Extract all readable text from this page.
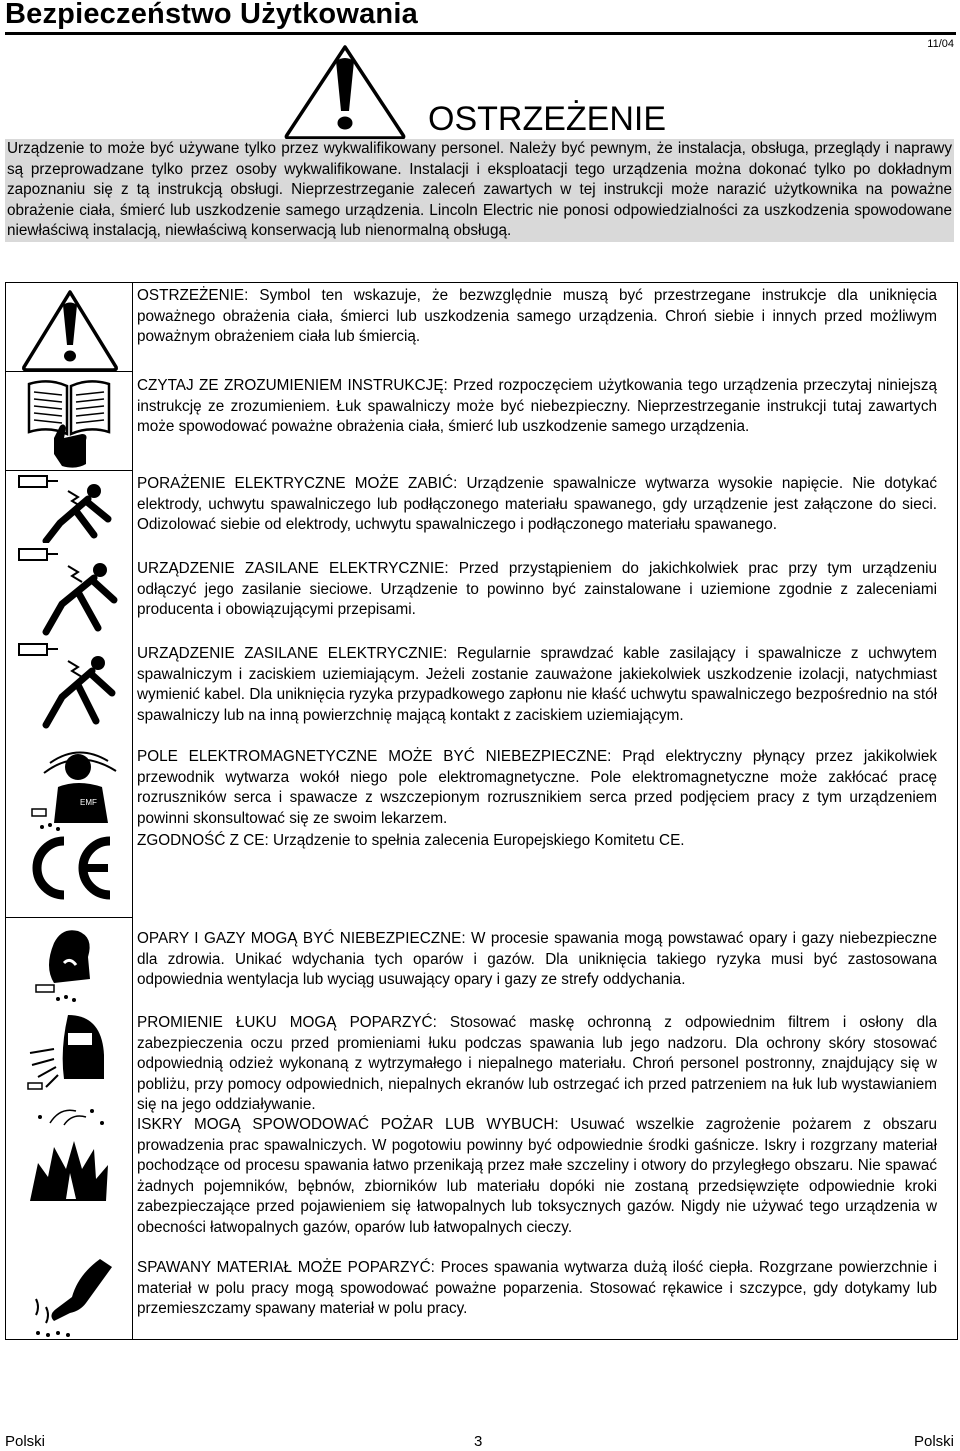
Bezpieczeństwo Użytkowania
11/04
OSTRZEŻENIE
Urządzenie to może być używane tylko przez wykwalifikowany personel. Należy być pewnym, że instalacja, obsługa, przeglądy i naprawy są przeprowadzane tylko przez osoby wykwalifikowane. Instalacji i eksploatacji tego urządzenia można dokonać tylko po dokładnym zapoznaniu się z tą instrukcją obsługi. Nieprzestrzeganie zaleceń zawartych w tej instrukcji może narazić użytkownika na poważne obrażenie ciała, śmierć lub uszkodzenie samego urządzenia. Lincoln Electric nie ponosi odpowiedzialności za uszkodzenia spowodowane niewłaściwą instalacją, niewłaściwą konserwacją lub nienormalną obsługą.
EMF
OSTRZEŻENIE: Symbol ten wskazuje, że bezwzględnie muszą być przestrzegane instrukcje dla uniknięcia poważnego obrażenia ciała, śmierci lub uszkodzenia samego urządzenia. Chroń siebie i innych przed możliwym poważnym obrażeniem ciała lub śmiercią.
CZYTAJ ZE ZROZUMIENIEM INSTRUKCJĘ: Przed rozpoczęciem użytkowania tego urządzenia przeczytaj niniejszą instrukcję ze zrozumieniem. Łuk spawalniczy może być niebezpieczny. Nieprzestrzeganie instrukcji tutaj zawartych może spowodować poważne obrażenia ciała, śmierć lub uszkodzenie samego urządzenia.
PORAŻENIE ELEKTRYCZNE MOŻE ZABIĆ: Urządzenie spawalnicze wytwarza wysokie napięcie. Nie dotykać elektrody, uchwytu spawalniczego lub podłączonego materiału spawanego, gdy urządzenie jest załączone do sieci. Odizolować siebie od elektrody, uchwytu spawalniczego i podłączonego materiału spawanego.
URZĄDZENIE ZASILANE ELEKTRYCZNIE: Przed przystąpieniem do jakichkolwiek prac przy tym urządzeniu odłączyć jego zasilanie sieciowe. Urządzenie to powinno być zainstalowane i uziemione zgodnie z zaleceniami producenta i obowiązującymi przepisami.
URZĄDZENIE ZASILANE ELEKTRYCZNIE: Regularnie sprawdzać kable zasilający i spawalnicze z uchwytem spawalniczym i zaciskiem uziemiającym. Jeżeli zostanie zauważone jakiekolwiek uszkodzenie izolacji, natychmiast wymienić kabel. Dla uniknięcia ryzyka przypadkowego zapłonu nie kłaść uchwytu spawalniczego bezpośrednio na stół spawalniczy lub na inną powierzchnię mającą kontakt z zaciskiem uziemiającym.
POLE ELEKTROMAGNETYCZNE MOŻE BYĆ NIEBEZPIECZNE: Prąd elektryczny płynący przez jakikolwiek przewodnik wytwarza wokół niego pole elektromagnetyczne. Pole elektromagnetyczne może zakłócać pracę rozruszników serca i spawacze z wszczepionym rozrusznikiem serca przed podjęciem pracy z tym urządzeniem powinni skonsultować się ze swoim lekarzem.
ZGODNOŚĆ Z CE: Urządzenie to spełnia zalecenia Europejskiego Komitetu CE.
OPARY I GAZY MOGĄ BYĆ NIEBEZPIECZNE: W procesie spawania mogą powstawać opary i gazy niebezpieczne dla zdrowia. Unikać wdychania tych oparów i gazów. Dla uniknięcia takiego ryzyka musi być zastosowana odpowiednia wentylacja lub wyciąg usuwający opary i gazy ze strefy oddychania.
PROMIENIE ŁUKU MOGĄ POPARZYĆ: Stosować maskę ochronną z odpowiednim filtrem i osłony dla zabezpieczenia oczu przed promieniami łuku podczas spawania lub jego nadzoru. Dla ochrony skóry stosować odpowiednią odzież wykonaną z wytrzymałego i niepalnego materiału. Chroń personel postronny, znajdujący się w pobliżu, przy pomocy odpowiednich, niepalnych ekranów lub ostrzegać ich przed patrzeniem na łuk lub wystawianiem się na jego oddziaływanie.
ISKRY MOGĄ SPOWODOWAĆ POŻAR LUB WYBUCH: Usuwać wszelkie zagrożenie pożarem z obszaru prowadzenia prac spawalniczych. W pogotowiu powinny być odpowiednie środki gaśnicze. Iskry i rozgrzany materiał pochodzące od procesu spawania łatwo przenikają przez małe szczeliny i otwory do przyległego obszaru. Nie spawać żadnych pojemników, bębnów, zbiorników lub materiału dopóki nie zostaną przedsięwzięte odpowiednie kroki zabezpieczające przed pojawieniem się łatwopalnych lub toksycznych gazów. Nigdy nie używać tego urządzenia w obecności łatwopalnych gazów, oparów lub łatwopalnych cieczy.
SPAWANY MATERIAŁ MOŻE POPARZYĆ: Proces spawania wytwarza dużą ilość ciepła. Rozgrzane powierzchnie i materiał w polu pracy mogą spowodować poważne poparzenia. Stosować rękawice i szczypce, gdy dotykamy lub przemieszczamy spawany materiał w polu pracy.
Polski	3	Polski
